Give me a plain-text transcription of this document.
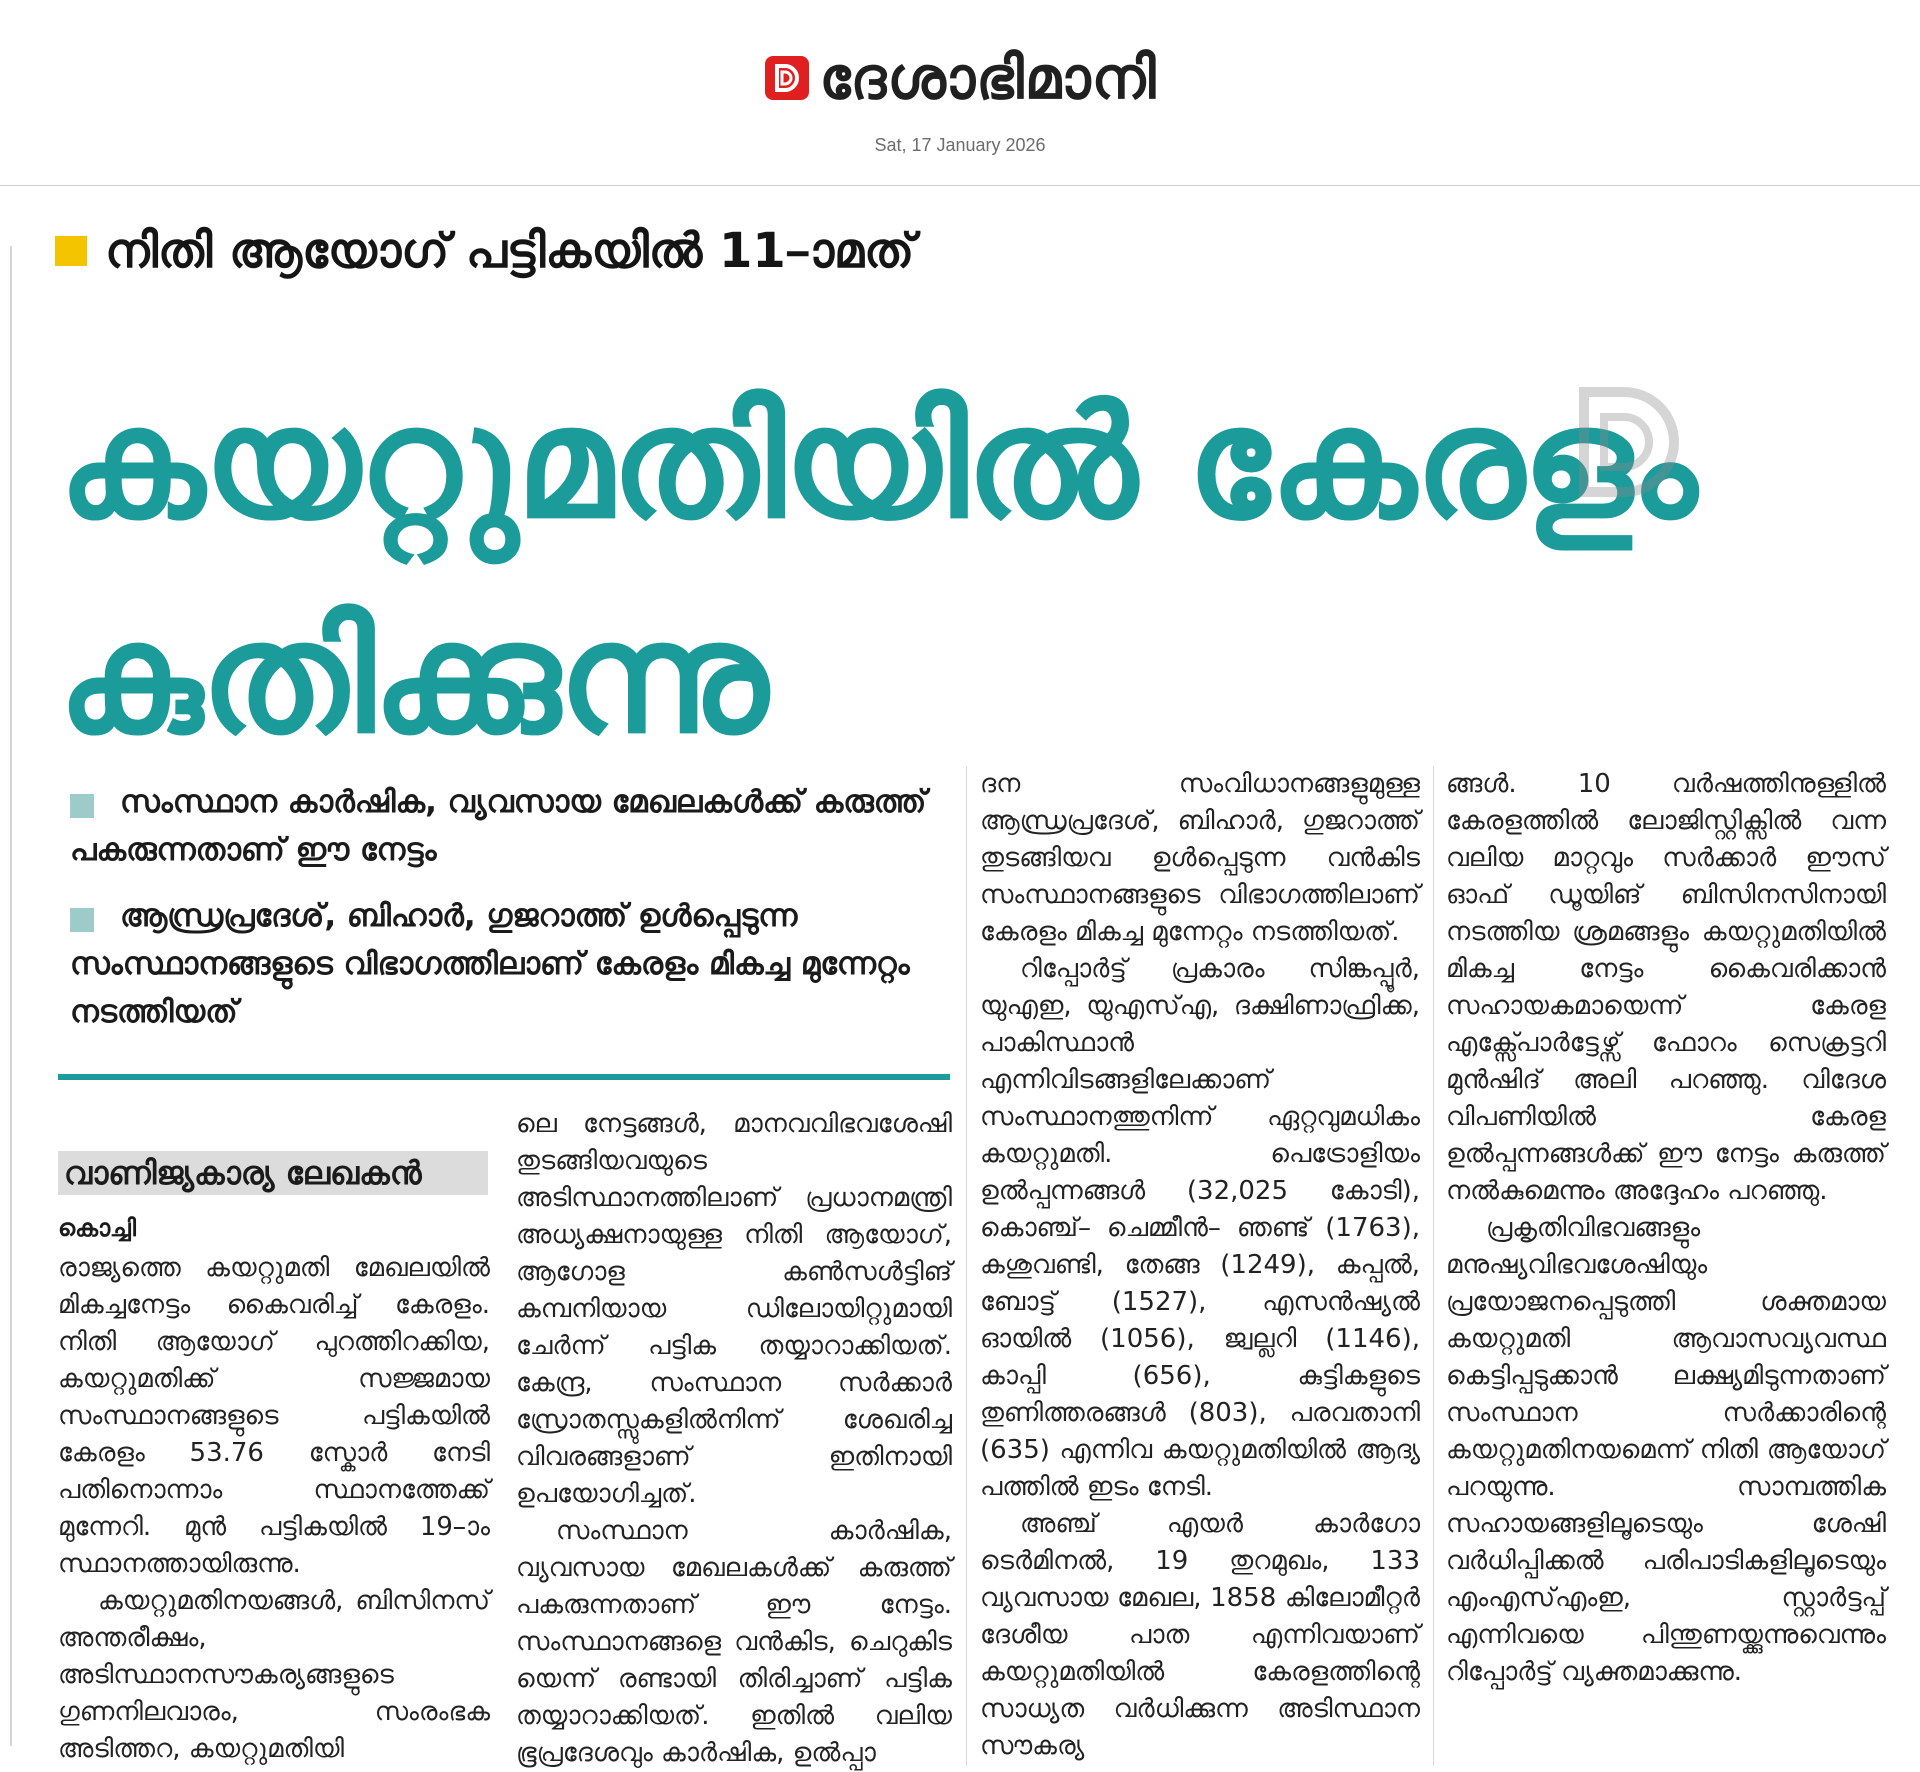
ദേശാഭിമാനി
Sat, 17 January 2026
നിതി ആയോഗ് പട്ടികയിൽ 11–ാമത്
കയറ്റുമതിയിൽ കേരളം
കുതിക്കുന്നു
സംസ്ഥാന കാർഷിക, വ്യവസായ മേഖലകൾക്ക് കരുത്ത് പകരുന്നതാണ് ഈ നേട്ടം
ആന്ധ്രപ്രദേശ്, ബിഹാർ, ഗുജറാത്ത് ഉൾപ്പെടുന്ന സംസ്ഥാനങ്ങളുടെ വിഭാഗത്തിലാണ് കേരളം മികച്ച മുന്നേറ്റം നടത്തിയത്
വാണിജ്യകാര്യ ലേഖകൻ
കൊച്ചി

രാജ്യത്തെ കയറ്റുമതി മേഖലയിൽ മികച്ചനേട്ടം കൈവരിച്ച് കേരളം. നിതി ആയോഗ് പുറത്തിറക്കിയ, കയറ്റുമതിക്ക് സജ്ജമായ സംസ്ഥാനങ്ങളുടെ പട്ടികയിൽ കേരളം 53.76 സ്കോർ നേടി പതിനൊന്നാം സ്ഥാനത്തേക്ക് മുന്നേറി. മുൻ പട്ടികയിൽ 19–ാം സ്ഥാനത്തായിരുന്നു.

കയറ്റുമതിനയങ്ങൾ, ബിസിനസ് അന്തരീക്ഷം, അടിസ്ഥാനസൗകര്യങ്ങളുടെ ഗുണനിലവാരം, സംരംഭക അടിത്തറ, കയറ്റുമതിയി

ലെ നേട്ടങ്ങൾ, മാനവവിഭവശേഷി തുടങ്ങിയവയുടെ അടിസ്ഥാനത്തിലാണ് പ്രധാനമന്ത്രി അധ്യക്ഷനായുള്ള നിതി ആയോഗ്, ആഗോള കൺസൾട്ടിങ് കമ്പനിയായ ഡിലോയിറ്റുമായി ചേർന്ന് പട്ടിക തയ്യാറാക്കിയത്. കേന്ദ്ര, സംസ്ഥാന സർക്കാർ സ്രോതസ്സുകളിൽനിന്ന് ശേഖരിച്ച വിവരങ്ങളാണ് ഇതിനായി ഉപയോഗിച്ചത്.

സംസ്ഥാന കാർഷിക, വ്യവസായ മേഖലകൾക്ക് കരുത്ത് പകരുന്നതാണ് ഈ നേട്ടം. സംസ്ഥാനങ്ങളെ വൻകിട, ചെറുകിട യെന്ന് രണ്ടായി തിരിച്ചാണ് പട്ടിക തയ്യാറാക്കിയത്. ഇതിൽ വലിയ ഭൂപ്രദേശവും കാർഷിക, ഉൽപ്പാ

ദന സംവിധാനങ്ങളുമുള്ള ആന്ധ്രപ്രദേശ്, ബിഹാർ, ഗുജറാത്ത് തുടങ്ങിയവ ഉൾപ്പെടുന്ന വൻകിട സംസ്ഥാനങ്ങളുടെ വിഭാഗത്തിലാണ് കേരളം മികച്ച മുന്നേറ്റം നടത്തിയത്.

റിപ്പോർട്ട് പ്രകാരം സിങ്കപ്പൂർ, യുഎഇ, യുഎസ്എ, ദക്ഷിണാഫ്രിക്ക, പാകിസ്ഥാൻ എന്നിവിടങ്ങളിലേക്കാണ് സംസ്ഥാനത്തുനിന്ന് ഏറ്റവുമധികം കയറ്റുമതി. പെട്രോളിയം ഉൽപ്പന്നങ്ങൾ (32,025 കോടി), കൊഞ്ച്– ചെമ്മീൻ– ഞണ്ട് (1763), കശുവണ്ടി, തേങ്ങ (1249), കപ്പൽ, ബോട്ട് (1527), എസൻഷ്യൽ ഓയിൽ (1056), ജ്വല്ലറി (1146), കാപ്പി (656), കുട്ടികളുടെ തുണിത്തരങ്ങൾ (803), പരവതാനി (635) എന്നിവ കയറ്റുമതിയിൽ ആദ്യ പത്തിൽ ഇടം നേടി.

അഞ്ച് എയർ കാർഗോ ടെർമിനൽ, 19 തുറമുഖം, 133 വ്യവസായ മേഖല, 1858 കിലോമീറ്റർ ദേശീയ പാത എന്നിവയാണ് കയറ്റുമതിയിൽ കേരളത്തിന്റെ സാധ്യത വർധിക്കുന്ന അടിസ്ഥാന സൗകര്യ

ങ്ങൾ. 10 വർഷത്തിനുള്ളിൽ കേരളത്തിൽ ലോജിസ്റ്റിക്സിൽ വന്ന വലിയ മാറ്റവും സർക്കാർ ഈസ് ഓഫ് ഡൂയിങ് ബിസിനസിനായി നടത്തിയ ശ്രമങ്ങളും കയറ്റുമതിയിൽ മികച്ച നേട്ടം കൈവരിക്കാൻ സഹായകമായെന്ന് കേരള എക്സ്പോർട്ടേഴ്സ് ഫോറം സെക്രട്ടറി മുൻഷിദ് അലി പറഞ്ഞു. വിദേശ വിപണിയിൽ കേരള ഉൽപ്പന്നങ്ങൾക്ക് ഈ നേട്ടം കരുത്ത് നൽകുമെന്നും അദ്ദേഹം പറഞ്ഞു.

പ്രകൃതിവിഭവങ്ങളും മനുഷ്യവിഭവശേഷിയും പ്രയോജനപ്പെടുത്തി ശക്തമായ കയറ്റുമതി ആവാസവ്യവസ്ഥ കെട്ടിപ്പടുക്കാൻ ലക്ഷ്യമിടുന്നതാണ് സംസ്ഥാന സർക്കാരിന്റെ കയറ്റുമതിനയമെന്ന് നിതി ആയോഗ് പറയുന്നു. സാമ്പത്തിക സഹായങ്ങളിലൂടെയും ശേഷി വർധിപ്പിക്കൽ പരിപാടികളിലൂടെയും എംഎസ്എംഇ, സ്റ്റാർട്ടപ്പ് എന്നിവയെ പിന്തുണയ്ക്കുന്നുവെന്നും റിപ്പോർട്ട് വ്യക്തമാക്കുന്നു.
